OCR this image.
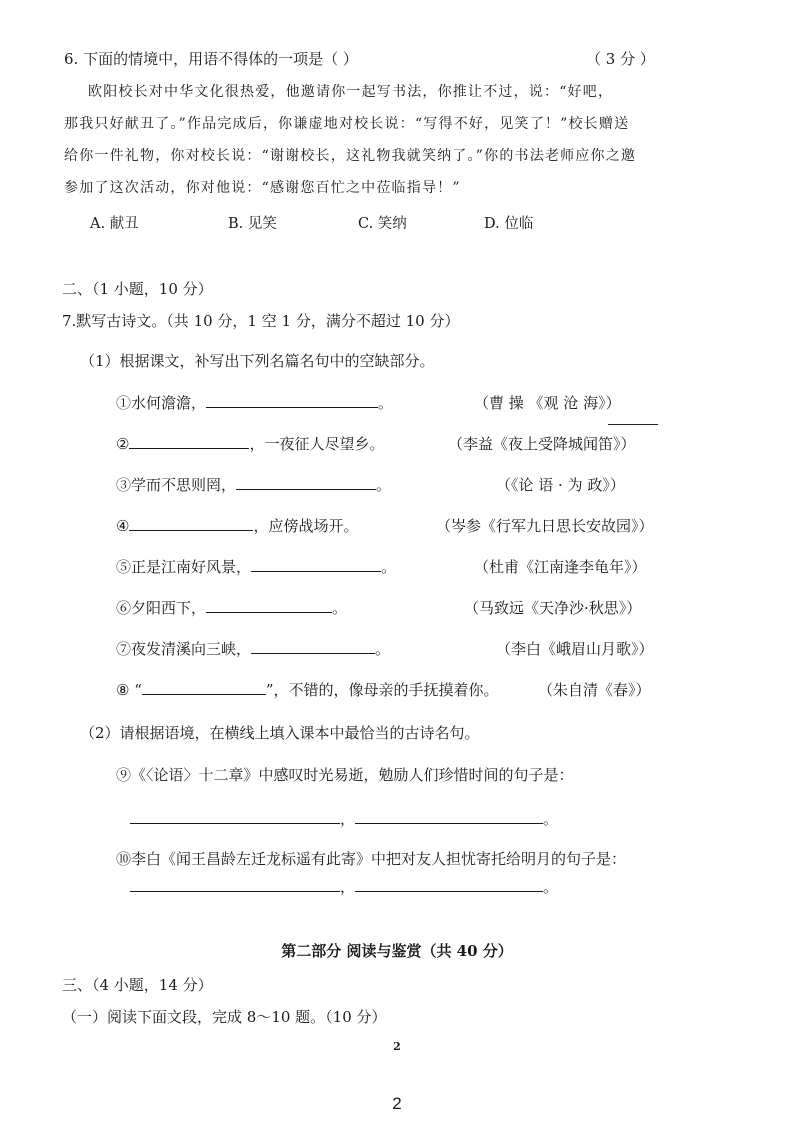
6. 下面的情境中，用语不得体的一项是（ ）	（ 3 分 ）
欧阳校长对中华文化很热爱，他邀请你一起写书法，你推让不过，说：“好吧，
那我只好献丑了。”作品完成后，你谦虚地对校长说：“写得不好，见笑了！”校长赠送
给你一件礼物，你对校长说：“谢谢校长，这礼物我就笑纳了。”你的书法老师应你之邀
参加了这次活动，你对他说：“感谢您百忙之中莅临指导！”
A. 献丑	B. 见笑	C. 笑纳	D. 位临
二、（1 小题，10 分）
7.默写古诗文。（共 10 分，1 空 1 分，满分不超过 10 分）
（1）根据课文，补写出下列名篇名句中的空缺部分。
①水何澹澹，	。	（曹 操 《观 沧 海》）
②	，一夜征人尽望乡。	（李益《夜上受降城闻笛》）
③学而不思则罔，	。	（《论 语 · 为 政》）
④	，应傍战场开。	（岑参《行军九日思长安故园》）
⑤正是江南好风景，	。	（杜甫《江南逢李龟年》）
⑥夕阳西下，	。	（马致远《天净沙·秋思》）
⑦夜发清溪向三峡，	。	（李白《峨眉山月歌》）
⑧ “	”，不错的，像母亲的手抚摸着你。	（朱自清《春》）
（2）请根据语境，在横线上填入课本中最恰当的古诗名句。
⑨《〈论语〉十二章》中感叹时光易逝，勉励人们珍惜时间的句子是：
，	。
⑩李白《闻王昌龄左迁龙标遥有此寄》中把对友人担忧寄托给明月的句子是：
，	。
第二部分 阅读与鉴赏（共 40 分）
三、（4 小题，14 分）
（一）阅读下面文段，完成 8～10 题。（10 分）
2
2
